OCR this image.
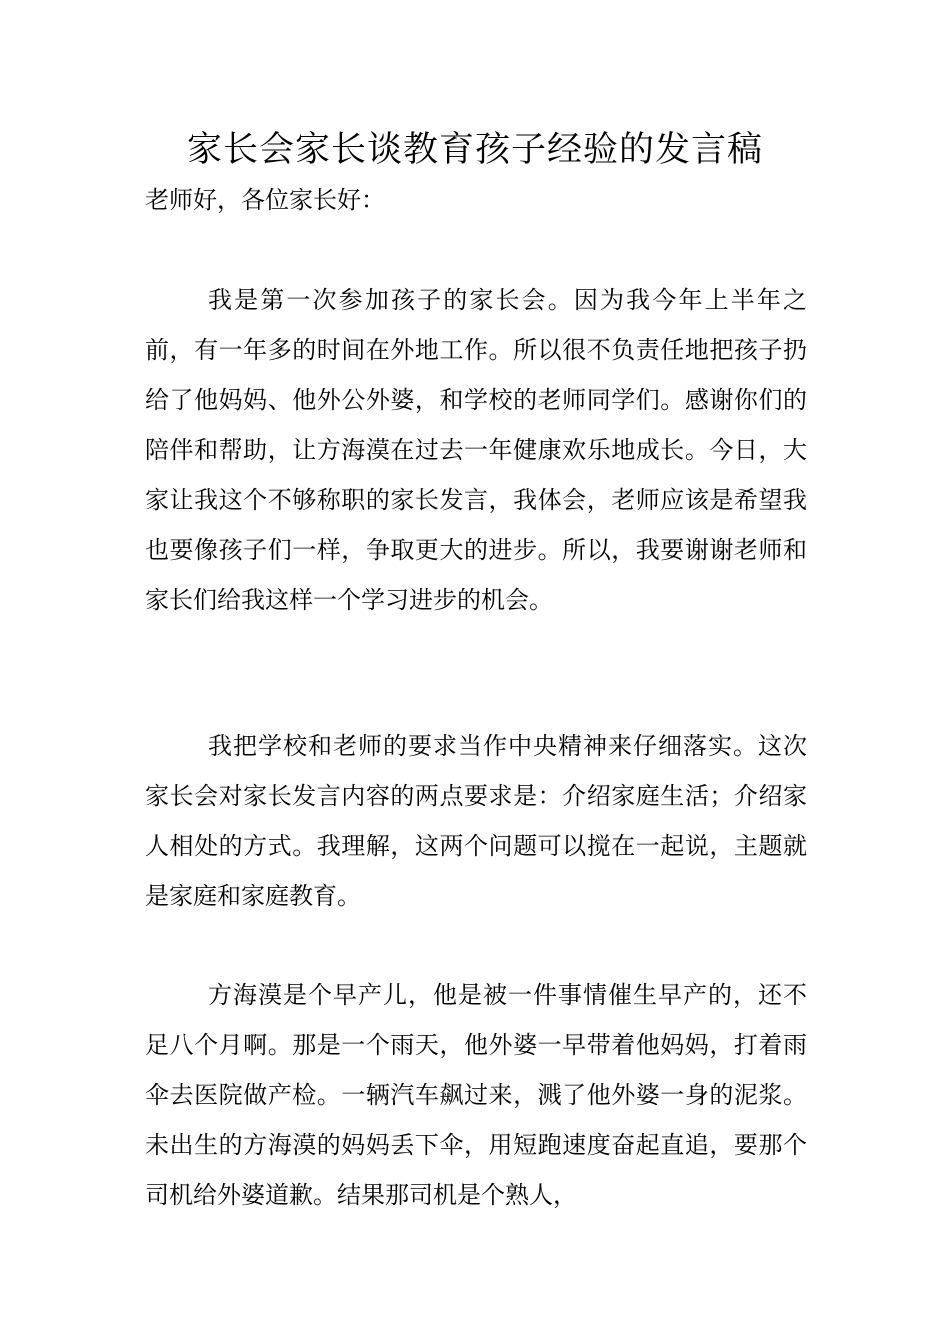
家长会家长谈教育孩子经验的发言稿

老师好，各位家长好：

我是第一次参加孩子的家长会。因为我今年上半年之前，有一年多的时间在外地工作。所以很不负责任地把孩子扔给了他妈妈、他外公外婆，和学校的老师同学们。感谢你们的陪伴和帮助，让方海漠在过去一年健康欢乐地成长。今日，大家让我这个不够称职的家长发言，我体会，老师应该是希望我也要像孩子们一样，争取更大的进步。所以，我要谢谢老师和家长们给我这样一个学习进步的机会。

我把学校和老师的要求当作中央精神来仔细落实。这次家长会对家长发言内容的两点要求是：介绍家庭生活；介绍家人相处的方式。我理解，这两个问题可以搅在一起说，主题就是家庭和家庭教育。

方海漠是个早产儿，他是被一件事情催生早产的，还不足八个月啊。那是一个雨天，他外婆一早带着他妈妈，打着雨伞去医院做产检。一辆汽车飙过来，溅了他外婆一身的泥浆。未出生的方海漠的妈妈丢下伞，用短跑速度奋起直追，要那个司机给外婆道歉。结果那司机是个熟人，
